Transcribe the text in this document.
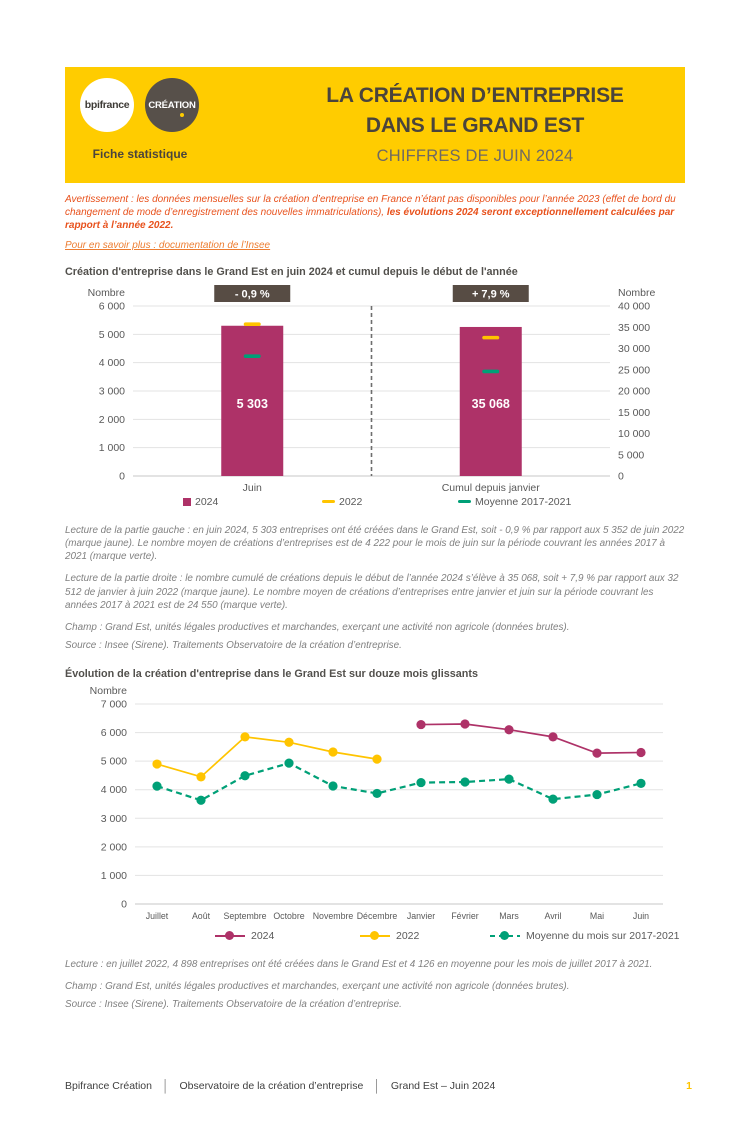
bpifrance CRÉATION
Fiche statistique
LA CRÉATION D’ENTREPRISE
DANS LE GRAND EST
CHIFFRES DE JUIN 2024
Avertissement : les données mensuelles sur la création d’entreprise en France n’étant pas disponibles pour l’année 2023 (effet de bord du changement de mode d’enregistrement des nouvelles immatriculations), les évolutions 2024 seront exceptionnellement calculées par rapport à l’année 2022.
Pour en savoir plus : documentation de l’Insee
Création d'entreprise dans le Grand Est en juin 2024 et cumul depuis le début de l'année
0
1 000
2 000
3 000
4 000
5 000
6 000
0
5 000
10 000
15 000
20 000
25 000
30 000
35 000
40 000
Nombre	Nombre
5 303
- 0,9 %
Juin
35 068
+ 7,9 %
Cumul depuis janvier
2024	2022	Moyenne 2017-2021
Lecture de la partie gauche : en juin 2024, 5 303 entreprises ont été créées dans le Grand Est, soit - 0,9 % par rapport aux 5 352 de juin 2022 (marque jaune). Le nombre moyen de créations d’entreprises est de 4 222 pour le mois de juin sur la période couvrant les années 2017 à 2021 (marque verte).
Lecture de la partie droite : le nombre cumulé de créations depuis le début de l’année 2024 s’élève à 35 068, soit + 7,9 % par rapport aux 32 512 de janvier à juin 2022 (marque jaune). Le nombre moyen de créations d’entreprises entre janvier et juin sur la période couvrant les années 2017 à 2021 est de 24 550 (marque verte).
Champ : Grand Est, unités légales productives et marchandes, exerçant une activité non agricole (données brutes).
Source : Insee (Sirene). Traitements Observatoire de la création d’entreprise.
Évolution de la création d'entreprise dans le Grand Est sur douze mois glissants
0
1 000
2 000
3 000
4 000
5 000
6 000
7 000
Nombre
Juillet	Août Septembre Octobre Novembre Décembre Janvier Février Mars	Avril	Mai	Juin
2024	2022	Moyenne du mois sur 2017-2021
Lecture : en juillet 2022, 4 898 entreprises ont été créées dans le Grand Est et 4 126 en moyenne pour les mois de juillet 2017 à 2021.
Champ : Grand Est, unités légales productives et marchandes, exerçant une activité non agricole (données brutes).
Source : Insee (Sirene). Traitements Observatoire de la création d’entreprise.
Bpifrance Création │ Observatoire de la création d’entreprise │ Grand Est – Juin 2024	1
